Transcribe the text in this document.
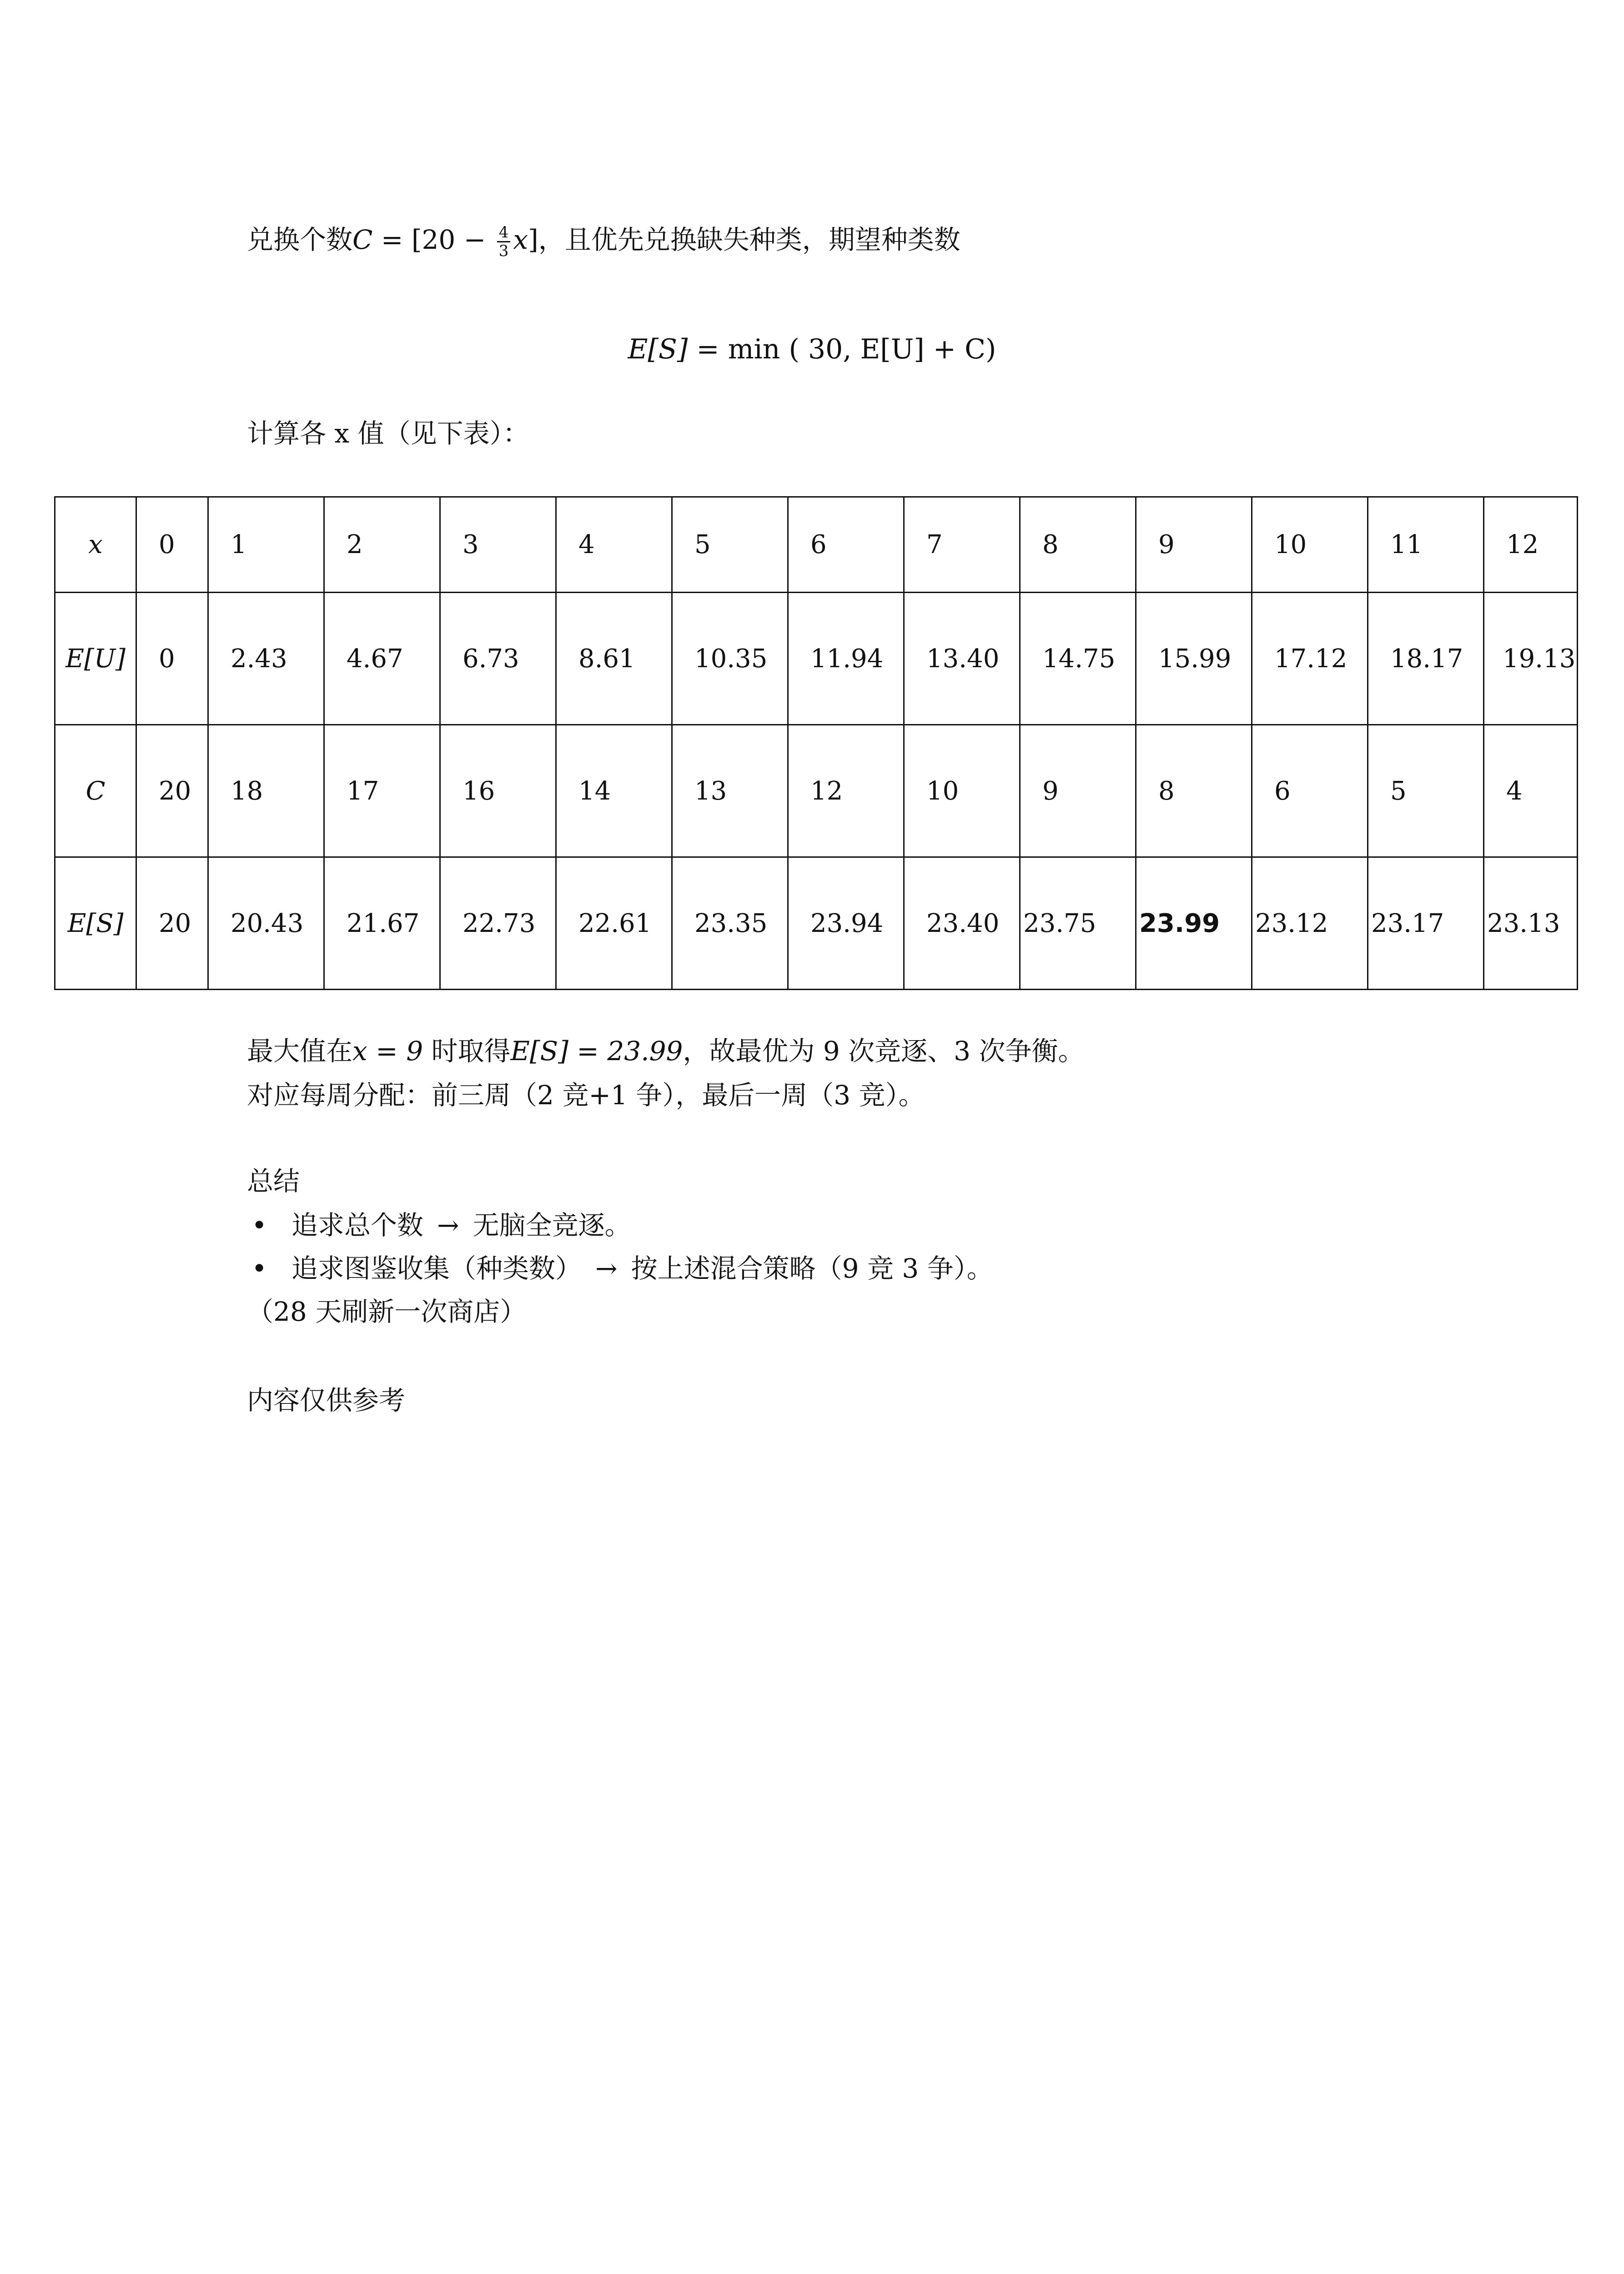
兑换个数$C = [20 - \frac{4}{3} x]$，且优先兑换缺失种类，期望种类数
E[S] = min ( 30, E[U] + C)
计算各 x 值（见下表）：
x	0	1	2	3	4	5	6	7	8	9	10	11	12
E[U]	0	2.43	4.67	6.73	8.61	10.35	11.94	13.40	14.75	15.99	17.12	18.17	19.13
C	20	18	17	16	14	13	12	10	9	8	6	5	4
E[S]	20	20.43	21.67	22.73	22.61	23.35	23.94	23.40	23.75	23.99	23.12	23.17	23.13
最大值在x = 9 时取得E[S] = 23.99，故最优为 9 次竞逐、3 次争衡。
对应每周分配：前三周（2 竞+1 争），最后一周（3 竞）。
总结
• 追求总个数 → 无脑全竞逐。
• 追求图鉴收集（种类数） → 按上述混合策略（9 竞 3 争）。
（28 天刷新一次商店）
内容仅供参考
